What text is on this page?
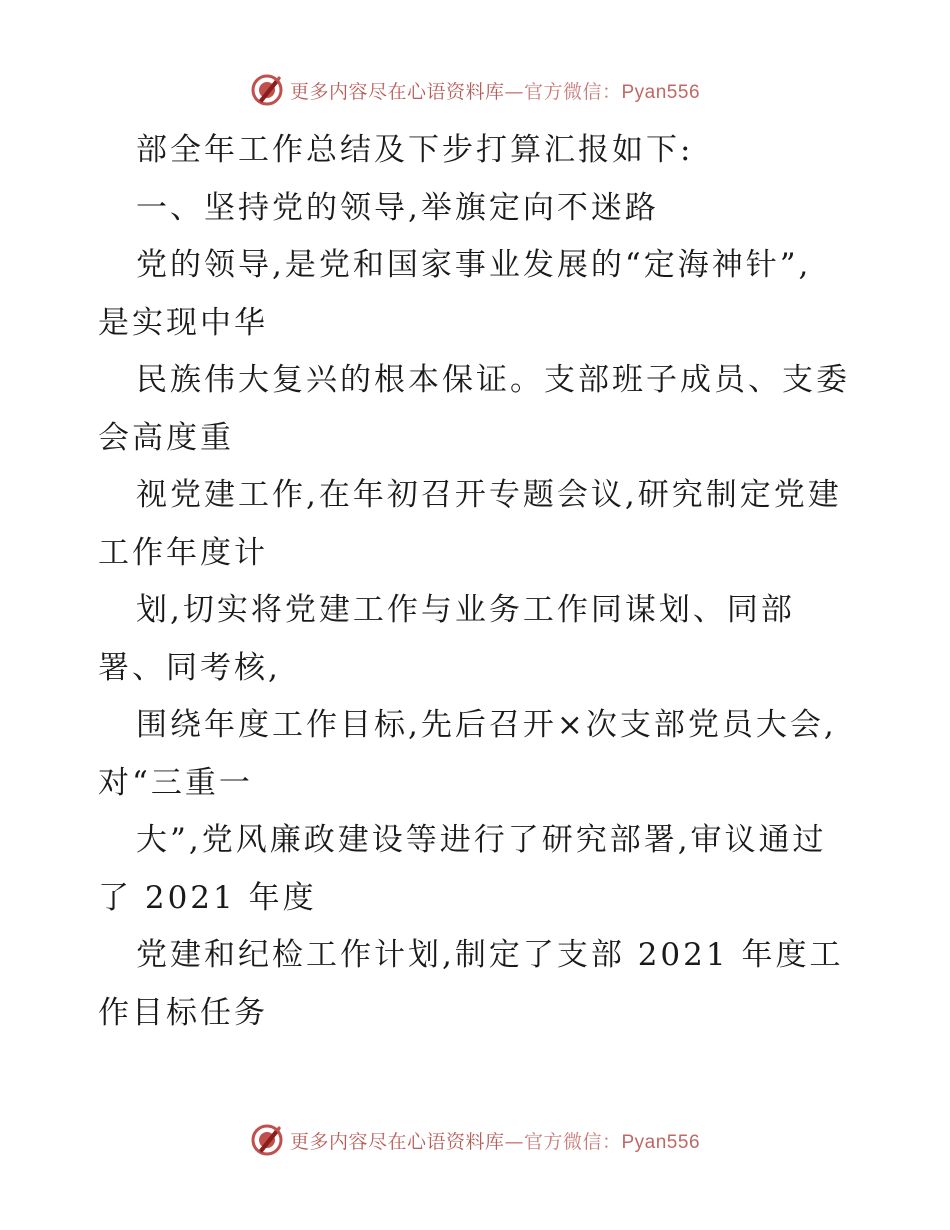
更多内容尽在心语资料库—官方微信：Pyan556
部全年工作总结及下步打算汇报如下:
一、坚持党的领导,举旗定向不迷路
党的领导,是党和国家事业发展的“定海神针”,
是实现中华
民族伟大复兴的根本保证。支部班子成员、支委
会高度重
视党建工作,在年初召开专题会议,研究制定党建
工作年度计
划,切实将党建工作与业务工作同谋划、同部
署、同考核,
围绕年度工作目标,先后召开×次支部党员大会,
对“三重一
大”,党风廉政建设等进行了研究部署,审议通过
了 2021 年度
党建和纪检工作计划,制定了支部 2021 年度工
作目标任务
更多内容尽在心语资料库—官方微信：Pyan556
